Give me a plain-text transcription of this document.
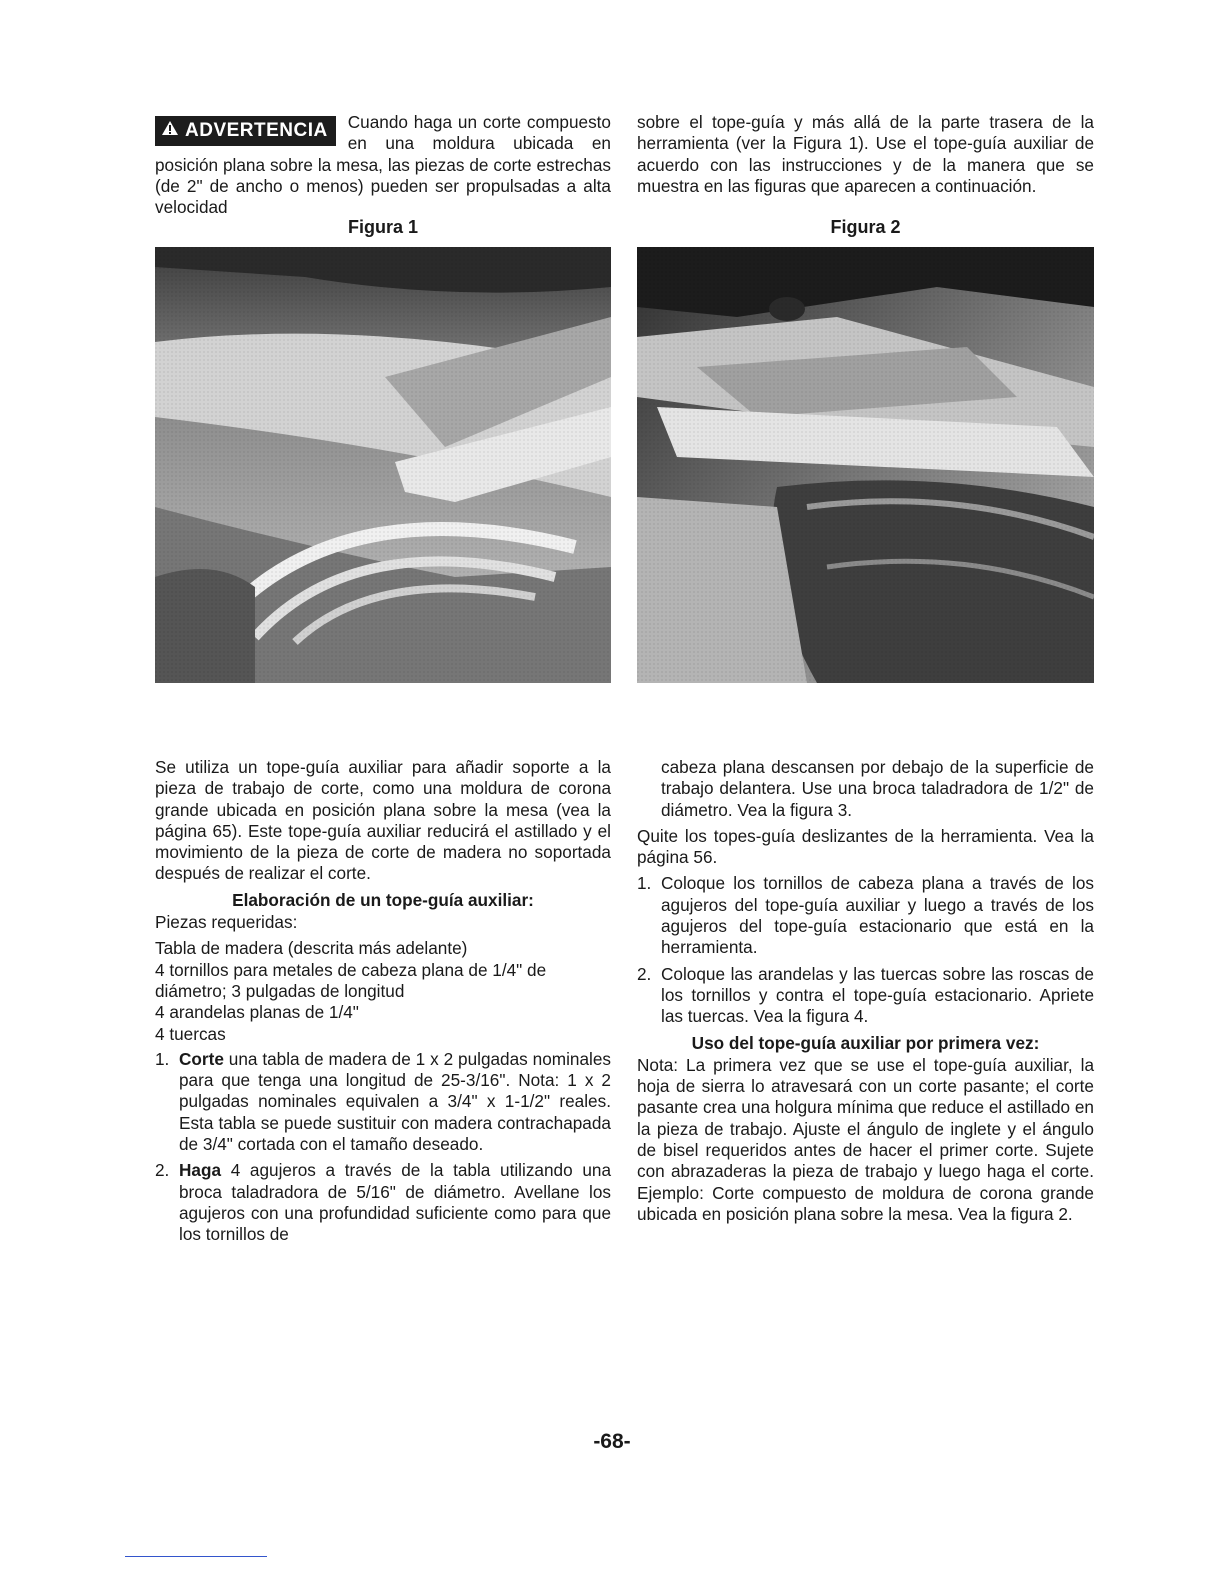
ADVERTENCIA Cuando haga un corte compuesto en una moldura ubicada en posición plana sobre la mesa, las piezas de corte estrechas (de 2" de ancho o menos) pueden ser propulsadas a alta velocidad
sobre el tope-guía y más allá de la parte trasera de la herramienta (ver la Figura 1). Use el tope-guía auxiliar de acuerdo con las instrucciones y de la manera que se muestra en las figuras que aparecen a continuación.
Figura 1	Figura 2

Se utiliza un tope-guía auxiliar para añadir soporte a la pieza de trabajo de corte, como una moldura de corona grande ubicada en posición plana sobre la mesa (vea la página 65). Este tope-guía auxiliar reducirá el astillado y el movimiento de la pieza de corte de madera no soportada después de realizar el corte.

Elaboración de un tope-guía auxiliar:

Piezas requeridas:

Tabla de madera (descrita más adelante)
4 tornillos para metales de cabeza plana de 1/4" de diámetro; 3 pulgadas de longitud
4 arandelas planas de 1/4"
4 tuercas
1. Corte una tabla de madera de 1 x 2 pulgadas nominales para que tenga una longitud de 25-3/16". Nota: 1 x 2 pulgadas nominales equivalen a 3/4" x 1-1/2" reales. Esta tabla se puede sustituir con madera contrachapada de 3/4" cortada con el tamaño deseado.
2. Haga 4 agujeros a través de la tabla utilizando una broca taladradora de 5/16" de diámetro. Avellane los agujeros con una profundidad suficiente como para que los tornillos de

cabeza plana descansen por debajo de la superficie de trabajo delantera. Use una broca taladradora de 1/2" de diámetro. Vea la figura 3.

Quite los topes-guía deslizantes de la herramienta. Vea la página 56.

1. Coloque los tornillos de cabeza plana a través de los agujeros del tope-guía auxiliar y luego a través de los agujeros del tope-guía estacionario que está en la herramienta.
2. Coloque las arandelas y las tuercas sobre las roscas de los tornillos y contra el tope-guía estacionario. Apriete las tuercas. Vea la figura 4.
Uso del tope-guía auxiliar por primera vez:

Nota: La primera vez que se use el tope-guía auxiliar, la hoja de sierra lo atravesará con un corte pasante; el corte pasante crea una holgura mínima que reduce el astillado en la pieza de trabajo. Ajuste el ángulo de inglete y el ángulo de bisel requeridos antes de hacer el primer corte. Sujete con abrazaderas la pieza de trabajo y luego haga el corte. Ejemplo: Corte compuesto de moldura de corona grande ubicada en posición plana sobre la mesa. Vea la figura 2.

-68-
